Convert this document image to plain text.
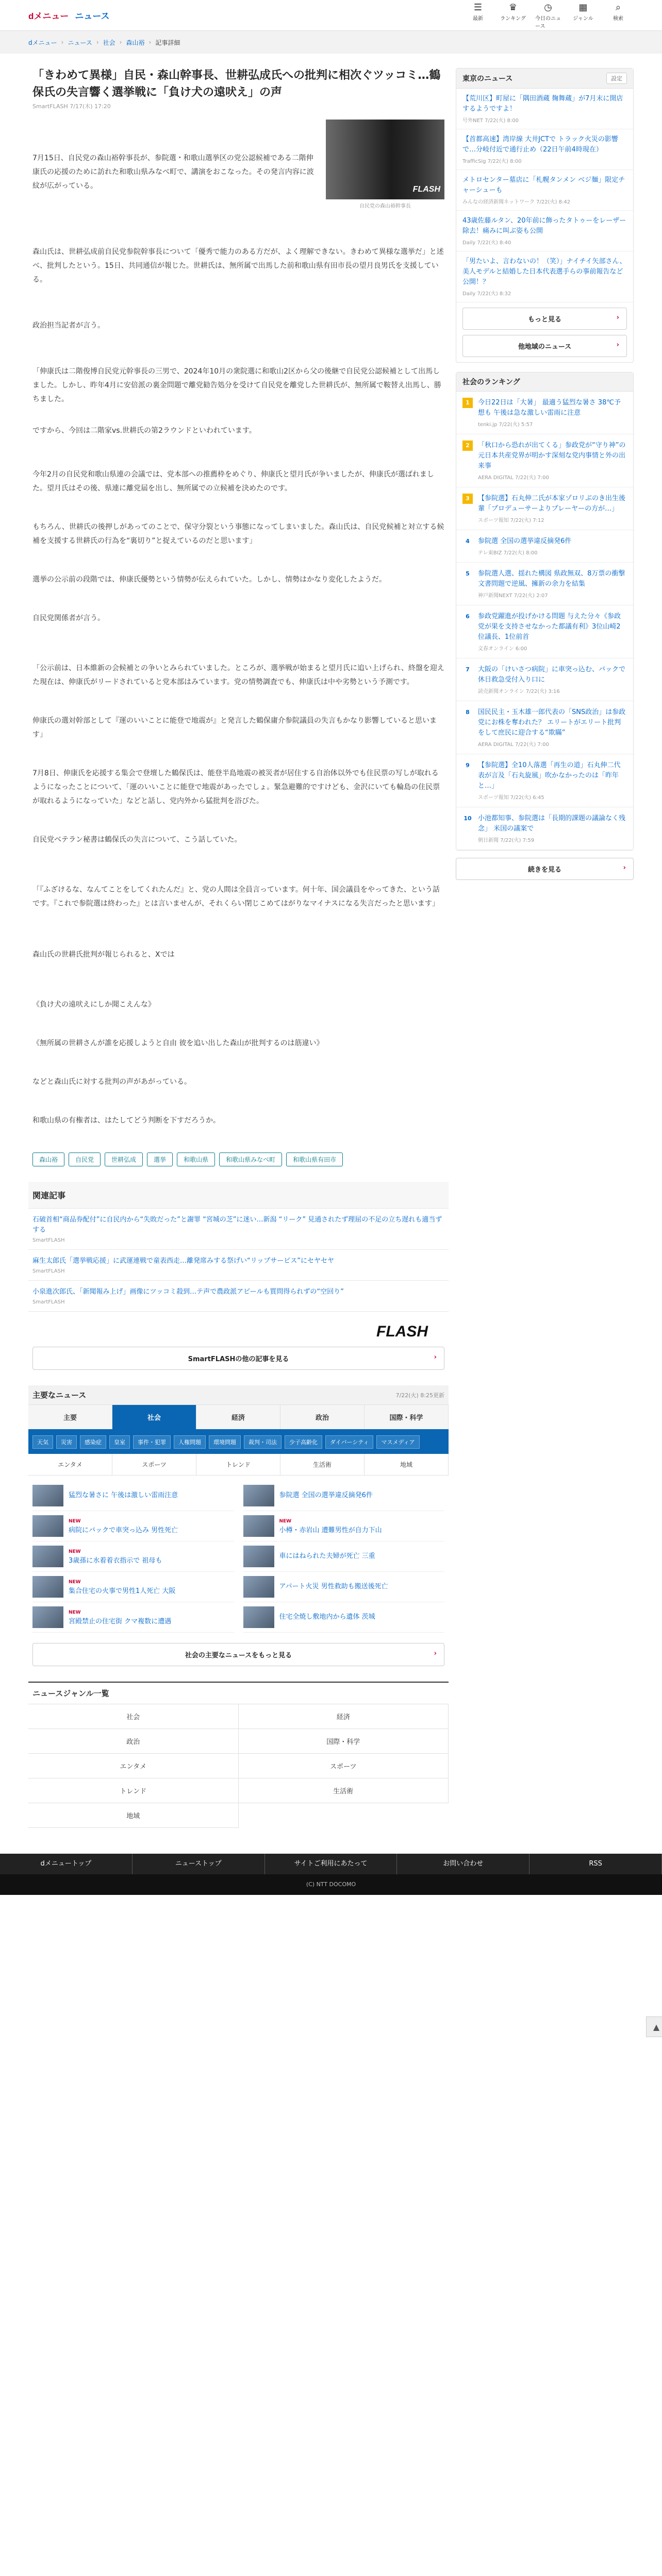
dメニュー ニュース
☰
最新
♛
ランキング
◷
今日のニュース
▦
ジャンル
⌕
検索
dメニュー › ニュース › 社会 › 森山裕 › 記事詳細
「きわめて異様」自民・森山幹事長、世耕弘成氏への批判に相次ぐツッコミ…鶴保氏の失言響く選挙戦に「負け犬の遠吠え」の声
SmartFLASH 7/17(木) 17:20

7月15日、自民党の森山裕幹事長が、参院選・和歌山選挙区の党公認候補である二階伸康氏の応援のために訪れた和歌山県みなべ町で、講演をおこなった。その発言内容に波紋が広がっている。	FLASH
自民党の森山裕幹事長

森山氏は、世耕弘成前自民党参院幹事長について「優秀で能力のある方だが、よく理解できない。きわめて異様な選挙だ」と述べ、批判したという。15日、共同通信が報じた。世耕氏は、無所属で出馬した前和歌山県有田市長の望月良男氏を支援している。

政治担当記者が言う。

「伸康氏は二階俊博自民党元幹事長の三男で、2024年10月の衆院選に和歌山2区から父の後継で自民党公認候補として出馬しました。しかし、昨年4月に安倍派の裏金問題で離党勧告処分を受けて自民党を離党した世耕氏が、無所属で鞍替え出馬し、勝ちました。

ですから、今回は二階家vs.世耕氏の第2ラウンドといわれています。

今年2月の自民党和歌山県連の会議では、党本部への推薦枠をめぐり、伸康氏と望月氏が争いましたが、伸康氏が選ばれました。望月氏はその後、県連に離党届を出し、無所属での立候補を決めたのです。

もちろん、世耕氏の後押しがあってのことで、保守分裂という事態になってしまいました。森山氏は、自民党候補と対立する候補を支援する世耕氏の行為を“裏切り”と捉えているのだと思います」

選挙の公示前の段階では、伸康氏優勢という情勢が伝えられていた。しかし、情勢はかなり変化したようだ。

自民党関係者が言う。

「公示前は、日本維新の会候補との争いとみられていました。ところが、選挙戦が始まると望月氏に追い上げられ、終盤を迎えた現在は、伸康氏がリードされていると党本部はみています。党の情勢調査でも、伸康氏は中や劣勢という予測です。

伸康氏の選対幹部として『運のいいことに能登で地震が』と発言した鶴保庸介参院議員の失言もかなり影響していると思います」

7月8日、伸康氏を応援する集会で登壇した鶴保氏は、能登半島地震の被災者が居住する自治体以外でも住民票の写しが取れるようになったことについて、「運のいいことに能登で地震があったでしょ。緊急避難的ですけども、金沢にいても輪島の住民票が取れるようになっていた」などと話し、党内外から猛批判を浴びた。

自民党ベテラン秘書は鶴保氏の失言について、こう話していた。

「『ふざけるな、なんてことをしてくれたんだ』と、党の人間は全員言っています。何十年、国会議員をやってきた、という話です。『これで参院選は終わった』とは言いませんが、それくらい閉じこめてはがりなマイナスになる失言だったと思います」

森山氏の世耕氏批判が報じられると、Xでは

《負け犬の遠吠えにしか聞こえんな》

《無所属の世耕さんが誰を応援しようと自由 彼を追い出した森山が批判するのは筋違い》

などと森山氏に対する批判の声があがっている。

和歌山県の有権者は、はたしてどう判断を下すだろうか。

森山裕	自民党	世耕弘成	選挙	和歌山県	和歌山県みなべ町	和歌山県有田市
関連記事
石破首相“商品券配付”に自民内から“失敗だった”と謝罪 “宮城の芝”に迷い…新潟 “リーク” 見通されたず理屈の不足の立ち遅れも適当ずする
SmartFLASH
麻生太郎氏「選挙戦応援」に武運連戦で童表西走…離発席みする祭げい“リップサービス”にセヤセヤ
SmartFLASH
小泉進次郎氏、「新聞報み上げ」画像にツッコミ殺到…テ声で農政派アピールも質問得られずの“空回り”
SmartFLASH
FLASH
SmartFLASHの他の記事を見る	›
主要なニュース	7/22(火) 8:25更新
主要	社会	経済	政治	国際・科学
天気	災害	感染症	皇室	事件・犯罪	人権問題	環境問題	裁判・司法	少子高齢化	ダイバーシティ	マスメディア
エンタメ	スポーツ	トレンド	生活術	地域
猛烈な暑さに 午後は激しい雷雨注意	参院選 全国の選挙違反摘発6件
NEW
病院にバックで車突っ込み 男性死亡
NEW
小樽・赤岩山 遭難男性が自力下山
NEW
3歳孫に水着着衣指示で 祖母も
車にはねられた夫婦が死亡 三重
NEW
集合住宅の火事で男性1人死亡 大阪
アパート火災 男性救助も搬送後死亡
NEW
宮殿禁止の住宅街 クマ複数に遭遇
住宅全焼し敷地内から遺体 茨城
社会の主要なニュースをもっと見る	›
ニュースジャンル一覧
社会	経済
政治	国際・科学
エンタメ	スポーツ
トレンド	生活術
地域
東京のニュース	設定
【荒川区】町屋に「隅田酒蔵 麹舞蔵」が7月末に開店するようですよ！
号外NET 7/22(火) 8:00
【首都高速】湾岸線 大井JCTで トラック火災の影響で…分岐付近で通行止め（22日午前4時現在）
TrafficSig 7/22(火) 8:00
メトロセンター墓店に「札幌タンメン ベジ麺」限定チャーシューも
みんなの経済新聞ネットワーク 7/22(火) 8:42
43歳佐藤ルタン、20年前に飾ったタトゥーをレーザー除去！痛みに叫ぶ姿も公開
Daily 7/22(火) 8:40
「男たいよ、言わないの！（笑）」ナイチイ矢部さん、美人モデルと結婚した日本代表選手らの事前報告など公開！？
Daily 7/22(火) 8:32
もっと見る	›
他地域のニュース	›
社会のランキング
1	今日22日は「大暑」 最適う猛烈な暑さ 38℃予想も 午後は急な激しい雷雨に注意
tenki.jp 7/22(火) 5:57
2	「秋口から恐れが出てくる」参政党が“守り神”の元日本共産党界が明かす深刻な党内事情と外の出来事
AERA DIGITAL 7/22(火) 7:00
3	【参院選】石丸伸二氏が本家ゾロリぶのき出生後輩「プロデューサーよりプレーヤーの方が…」
スポーツ報知 7/22(火) 7:12
4	参院選 全国の選挙違反摘発6件
テレ東BIZ 7/22(火) 8:00
5	参院選人選、揺れた構図 県政無双、8万票の衝撃 文書問題で逆風、擁新の余力を結集
神戸新聞NEXT 7/22(火) 2:07
6	参政党躍進が投げかける問題 与えた分々《参政党が果を支持させなかった都議有利》3位山崎2位議長、1位前首
文春オンライン 6:00
7	大阪の「けいさつ病院」に車突っ込む、バックで休日救急受付入り口に
読売新聞オンライン 7/22(火) 3:16
8	国民民主・玉木雄一郎代表の「SNS政治」は参政党にお株を奪われた？ エリートがエリート批判をして庶民に迎合する“欺瞞”
AERA DIGITAL 7/22(火) 7:00
9	【参院選】全10人落選「再生の道」石丸伸二代表が言及「石丸旋風」吹かなかったのは「昨年と…」
スポーツ報知 7/22(火) 6:45
10 小池都知事、参院選は「長期的課題の議論なく残念」 米国の議案で
朝日新聞 7/22(火) 7:59
続きを見る	›
▲
dメニュートップ	ニューストップ	サイトご利用にあたって	お問い合わせ	RSS
(C) NTT DOCOMO
